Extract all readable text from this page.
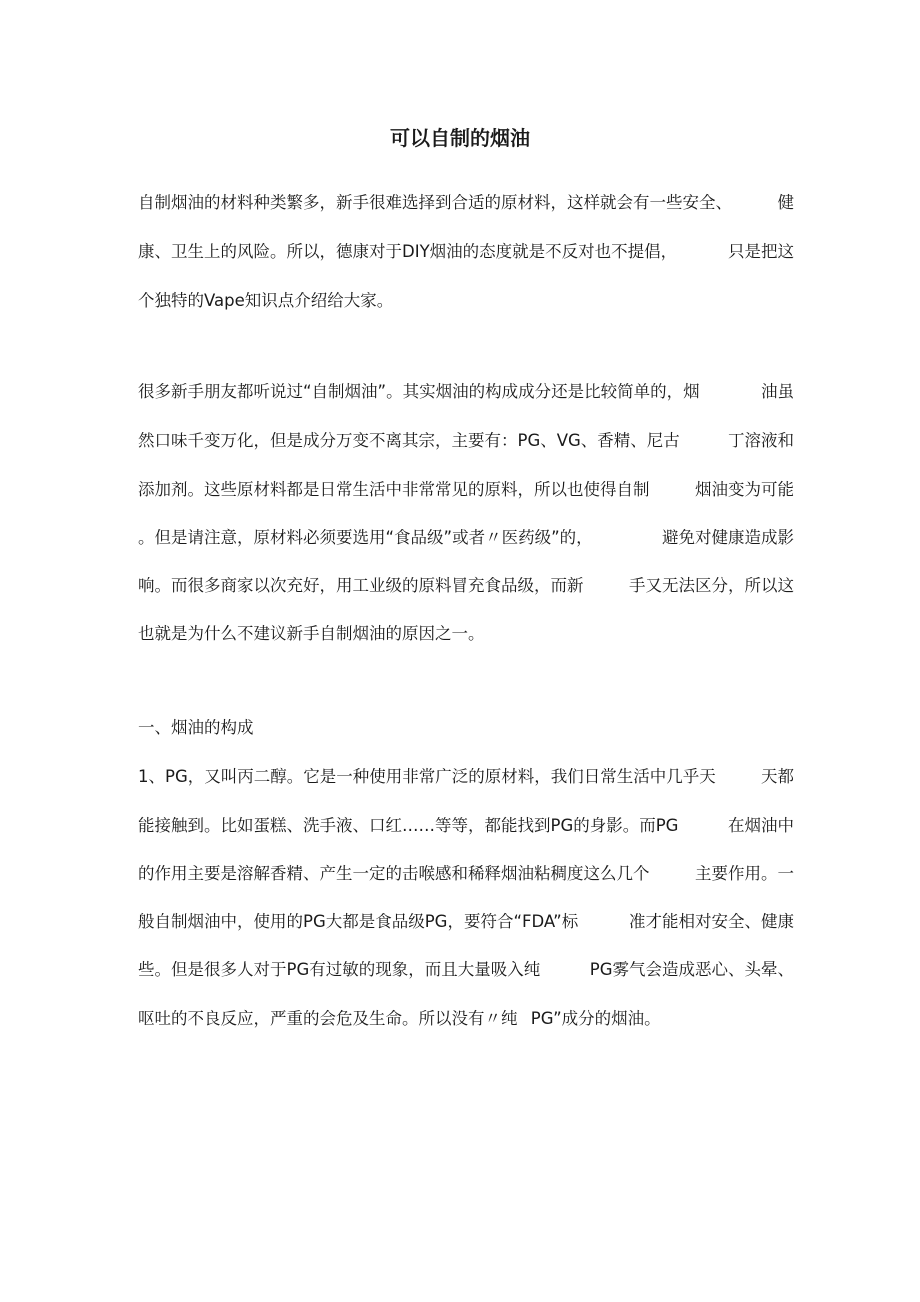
可以自制的烟油
自制烟油的材料种类繁多，新手很难选择到合适的原材料，这样就会有一些安全、	健
康、卫生上的风险。所以，德康对于DIY烟油的态度就是不反对也不提倡，	只是把这
个独特的Vape知识点介绍给大家。
很多新手朋友都听说过“自制烟油”。其实烟油的构成成分还是比较简单的，烟	油虽
然口味千变万化，但是成分万变不离其宗，主要有：PG、VG、香精、尼古	丁溶液和
添加剂。这些原材料都是日常生活中非常常见的原料，所以也使得自制	烟油变为可能
。但是请注意，原材料必须要选用“食品级”或者〃医药级”的，	避免对健康造成影
响。而很多商家以次充好，用工业级的原料冒充食品级，而新	手又无法区分，所以这
也就是为什么不建议新手自制烟油的原因之一。
一、烟油的构成
1、PG，又叫丙二醇。它是一种使用非常广泛的原材料，我们日常生活中几乎天	天都
能接触到。比如蛋糕、洗手液、口红……等等，都能找到PG的身影。而PG	在烟油中
的作用主要是溶解香精、产生一定的击喉感和稀释烟油粘稠度这么几个	主要作用。一
般自制烟油中，使用的PG大都是食品级PG，要符合“FDA”标	准才能相对安全、健康
些。但是很多人对于PG有过敏的现象，而且大量吸入纯	PG雾气会造成恶心、头晕、
呕吐的不良反应，严重的会危及生命。所以没有〃纯 PG”成分的烟油。
